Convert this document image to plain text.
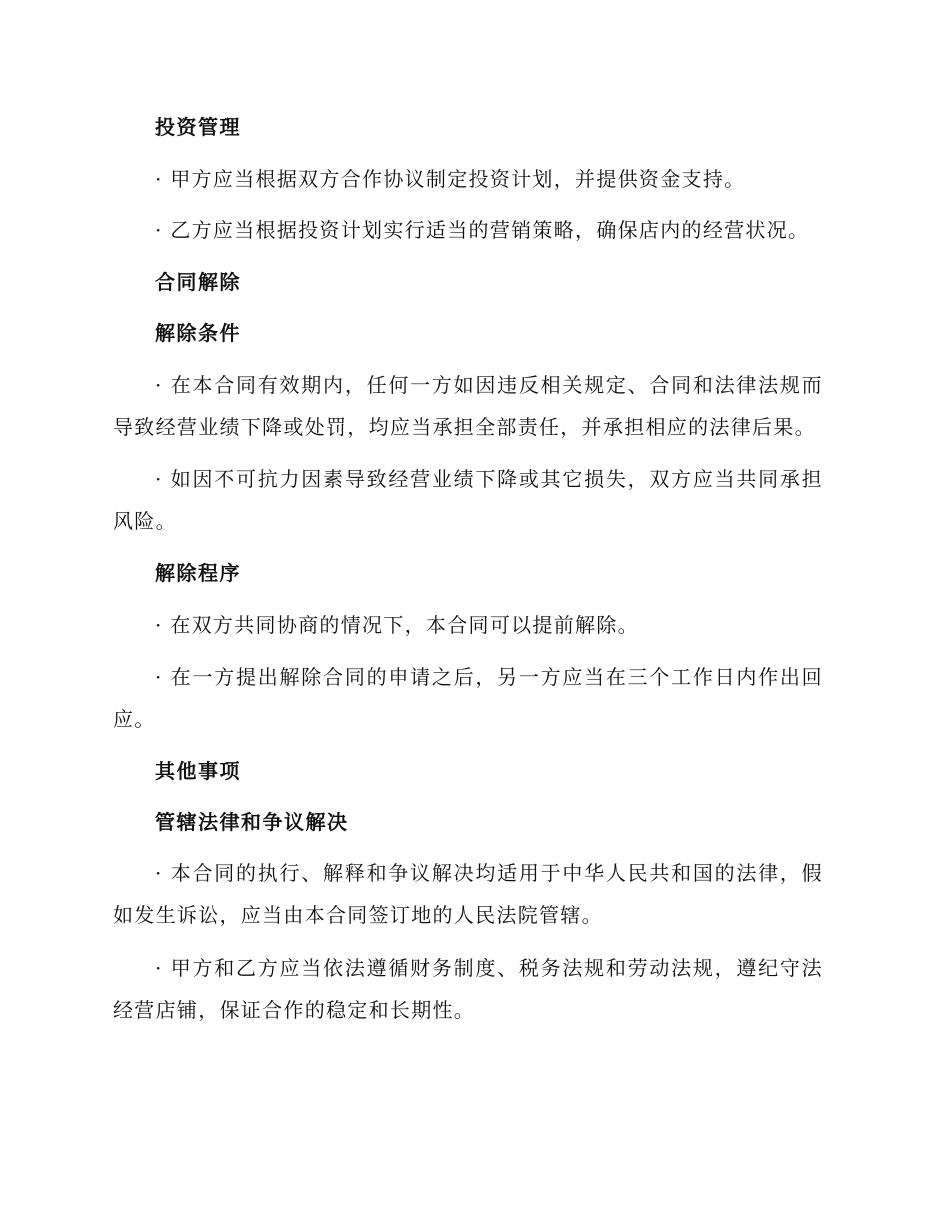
投资管理

· 甲方应当根据双方合作协议制定投资计划，并提供资金支持。

· 乙方应当根据投资计划实行适当的营销策略，确保店内的经营状况。

合同解除
解除条件

· 在本合同有效期内，任何一方如因违反相关规定、合同和法律法规而导致经营业绩下降或处罚，均应当承担全部责任，并承担相应的法律后果。

· 如因不可抗力因素导致经营业绩下降或其它损失，双方应当共同承担风险。

解除程序

· 在双方共同协商的情况下，本合同可以提前解除。

· 在一方提出解除合同的申请之后，另一方应当在三个工作日内作出回应。

其他事项
管辖法律和争议解决

· 本合同的执行、解释和争议解决均适用于中华人民共和国的法律，假如发生诉讼，应当由本合同签订地的人民法院管辖。

· 甲方和乙方应当依法遵循财务制度、税务法规和劳动法规，遵纪守法经营店铺，保证合作的稳定和长期性。
